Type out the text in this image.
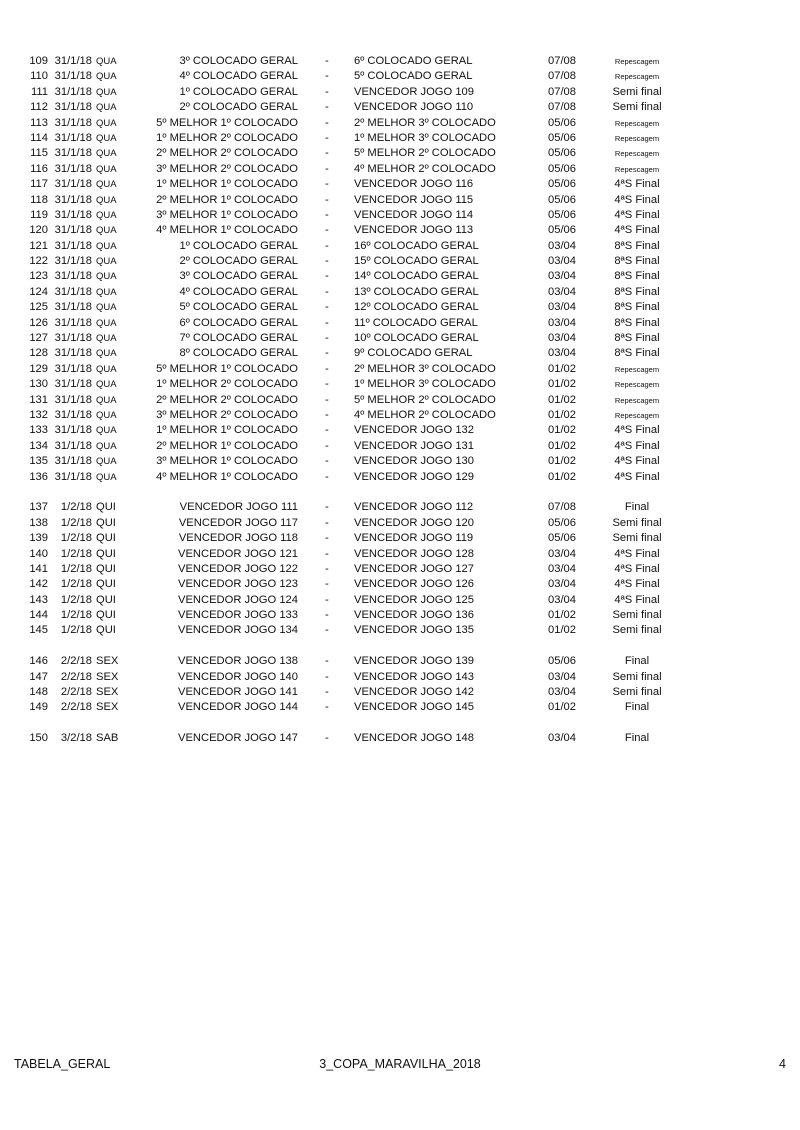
109 31/1/18 QUA	3º COLOCADO GERAL - 6º COLOCADO GERAL	07/08	Repescagem
110 31/1/18 QUA	4º COLOCADO GERAL - 5º COLOCADO GERAL	07/08	Repescagem
111 31/1/18 QUA	1º COLOCADO GERAL - VENCEDOR JOGO 109	07/08	Semi final
112 31/1/18 QUA	2º COLOCADO GERAL - VENCEDOR JOGO 110	07/08	Semi final
113 31/1/18 QUA	5º MELHOR 1º COLOCADO - 2º MELHOR 3º COLOCADO	05/06	Repescagem
114 31/1/18 QUA	1º MELHOR 2º COLOCADO - 1º MELHOR 3º COLOCADO	05/06	Repescagem
115 31/1/18 QUA	2º MELHOR 2º COLOCADO - 5º MELHOR 2º COLOCADO	05/06	Repescagem
116 31/1/18 QUA	3º MELHOR 2º COLOCADO - 4º MELHOR 2º COLOCADO	05/06	Repescagem
117 31/1/18 QUA	1º MELHOR 1º COLOCADO - VENCEDOR JOGO 116	05/06	4ªS Final
118 31/1/18 QUA	2º MELHOR 1º COLOCADO - VENCEDOR JOGO 115	05/06	4ªS Final
119 31/1/18 QUA	3º MELHOR 1º COLOCADO - VENCEDOR JOGO 114	05/06	4ªS Final
120 31/1/18 QUA	4º MELHOR 1º COLOCADO - VENCEDOR JOGO 113	05/06	4ªS Final
121 31/1/18 QUA	1º COLOCADO GERAL - 16º COLOCADO GERAL	03/04	8ªS Final
122 31/1/18 QUA	2º COLOCADO GERAL - 15º COLOCADO GERAL	03/04	8ªS Final
123 31/1/18 QUA	3º COLOCADO GERAL - 14º COLOCADO GERAL	03/04	8ªS Final
124 31/1/18 QUA	4º COLOCADO GERAL - 13º COLOCADO GERAL	03/04	8ªS Final
125 31/1/18 QUA	5º COLOCADO GERAL - 12º COLOCADO GERAL	03/04	8ªS Final
126 31/1/18 QUA	6º COLOCADO GERAL - 11º COLOCADO GERAL	03/04	8ªS Final
127 31/1/18 QUA	7º COLOCADO GERAL - 10º COLOCADO GERAL	03/04	8ªS Final
128 31/1/18 QUA	8º COLOCADO GERAL - 9º COLOCADO GERAL	03/04	8ªS Final
129 31/1/18 QUA	5º MELHOR 1º COLOCADO - 2º MELHOR 3º COLOCADO	01/02	Repescagem
130 31/1/18 QUA	1º MELHOR 2º COLOCADO - 1º MELHOR 3º COLOCADO	01/02	Repescagem
131 31/1/18 QUA	2º MELHOR 2º COLOCADO - 5º MELHOR 2º COLOCADO	01/02	Repescagem
132 31/1/18 QUA	3º MELHOR 2º COLOCADO - 4º MELHOR 2º COLOCADO	01/02	Repescagem
133 31/1/18 QUA	1º MELHOR 1º COLOCADO - VENCEDOR JOGO 132	01/02	4ªS Final
134 31/1/18 QUA	2º MELHOR 1º COLOCADO - VENCEDOR JOGO 131	01/02	4ªS Final
135 31/1/18 QUA	3º MELHOR 1º COLOCADO - VENCEDOR JOGO 130	01/02	4ªS Final
136 31/1/18 QUA	4º MELHOR 1º COLOCADO - VENCEDOR JOGO 129	01/02	4ªS Final
137	1/2/18 QUI	VENCEDOR JOGO 111 - VENCEDOR JOGO 112	07/08	Final
138	1/2/18 QUI	VENCEDOR JOGO 117 - VENCEDOR JOGO 120	05/06	Semi final
139	1/2/18 QUI	VENCEDOR JOGO 118 - VENCEDOR JOGO 119	05/06	Semi final
140	1/2/18 QUI	VENCEDOR JOGO 121 - VENCEDOR JOGO 128	03/04	4ªS Final
141	1/2/18 QUI	VENCEDOR JOGO 122 - VENCEDOR JOGO 127	03/04	4ªS Final
142	1/2/18 QUI	VENCEDOR JOGO 123 - VENCEDOR JOGO 126	03/04	4ªS Final
143	1/2/18 QUI	VENCEDOR JOGO 124 - VENCEDOR JOGO 125	03/04	4ªS Final
144	1/2/18 QUI	VENCEDOR JOGO 133 - VENCEDOR JOGO 136	01/02	Semi final
145	1/2/18 QUI	VENCEDOR JOGO 134 - VENCEDOR JOGO 135	01/02	Semi final
146	2/2/18 SEX	VENCEDOR JOGO 138 - VENCEDOR JOGO 139	05/06	Final
147	2/2/18 SEX	VENCEDOR JOGO 140 - VENCEDOR JOGO 143	03/04	Semi final
148	2/2/18 SEX	VENCEDOR JOGO 141 - VENCEDOR JOGO 142	03/04	Semi final
149	2/2/18 SEX	VENCEDOR JOGO 144 - VENCEDOR JOGO 145	01/02	Final
150	3/2/18 SAB	VENCEDOR JOGO 147 - VENCEDOR JOGO 148	03/04	Final
TABELA_GERAL	3_COPA_MARAVILHA_2018	4
